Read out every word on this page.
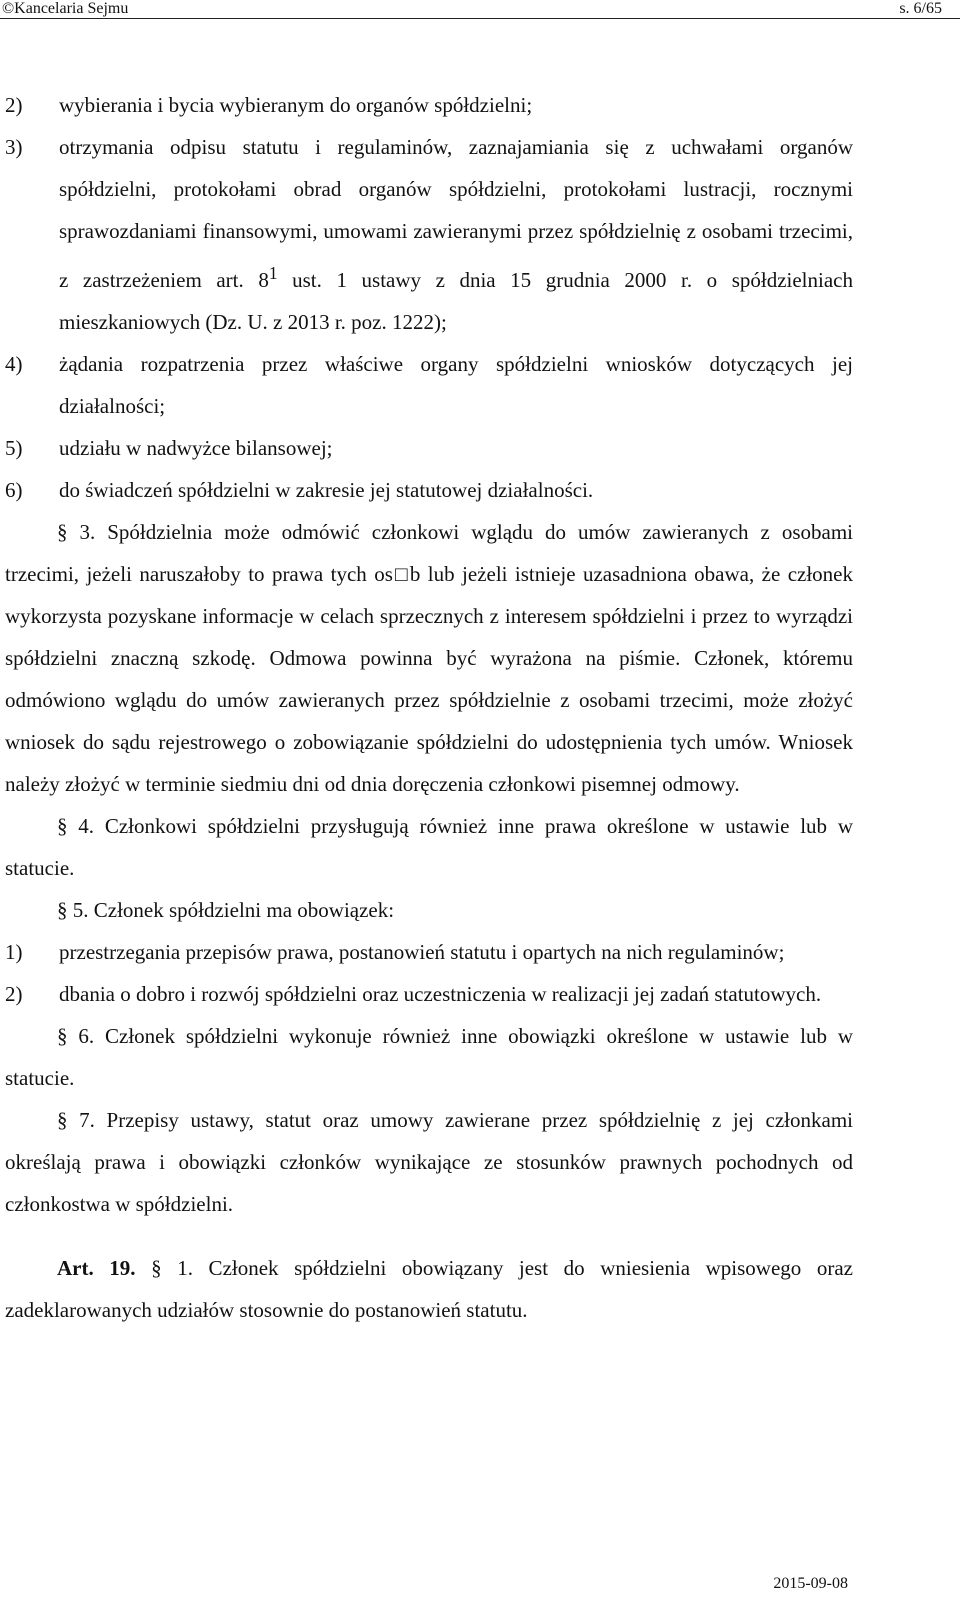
©Kancelaria Sejmu	s. 6/65
2)	wybierania i bycia wybieranym do organów spółdzielni;
3)	otrzymania odpisu statutu i regulaminów, zaznajamiania się z uchwałami organów spółdzielni, protokołami obrad organów spółdzielni, protokołami lustracji, rocznymi sprawozdaniami finansowymi, umowami zawieranymi przez spółdzielnię z osobami trzecimi, z zastrzeżeniem art. $8^1$ ust. 1 ustawy z dnia 15 grudnia 2000 r. o spółdzielniach mieszkaniowych (Dz. U. z 2013 r. poz. 1222);
4)	żądania rozpatrzenia przez właściwe organy spółdzielni wniosków dotyczących jej działalności;
5)	udziału w nadwyżce bilansowej;
6)	do świadczeń spółdzielni w zakresie jej statutowej działalności.

§ 3. Spółdzielnia może odmówić członkowi wglądu do umów zawieranych z osobami trzecimi, jeżeli naruszałoby to prawa tych os□b lub jeżeli istnieje uzasadniona obawa, że członek wykorzysta pozyskane informacje w celach sprzecznych z interesem spółdzielni i przez to wyrządzi spółdzielni znaczną szkodę. Odmowa powinna być wyrażona na piśmie. Członek, któremu odmówiono wglądu do umów zawieranych przez spółdzielnie z osobami trzecimi, może złożyć wniosek do sądu rejestrowego o zobowiązanie spółdzielni do udostępnienia tych umów. Wniosek należy złożyć w terminie siedmiu dni od dnia doręczenia członkowi pisemnej odmowy.

§ 4. Członkowi spółdzielni przysługują również inne prawa określone w ustawie lub w statucie.

§ 5. Członek spółdzielni ma obowiązek:

1)	przestrzegania przepisów prawa, postanowień statutu i opartych na nich regulaminów;
2)	dbania o dobro i rozwój spółdzielni oraz uczestniczenia w realizacji jej zadań statutowych.

§ 6. Członek spółdzielni wykonuje również inne obowiązki określone w ustawie lub w statucie.

§ 7. Przepisy ustawy, statut oraz umowy zawierane przez spółdzielnię z jej członkami określają prawa i obowiązki członków wynikające ze stosunków prawnych pochodnych od członkostwa w spółdzielni.

Art. 19. § 1. Członek spółdzielni obowiązany jest do wniesienia wpisowego oraz zadeklarowanych udziałów stosownie do postanowień statutu.

2015-09-08
